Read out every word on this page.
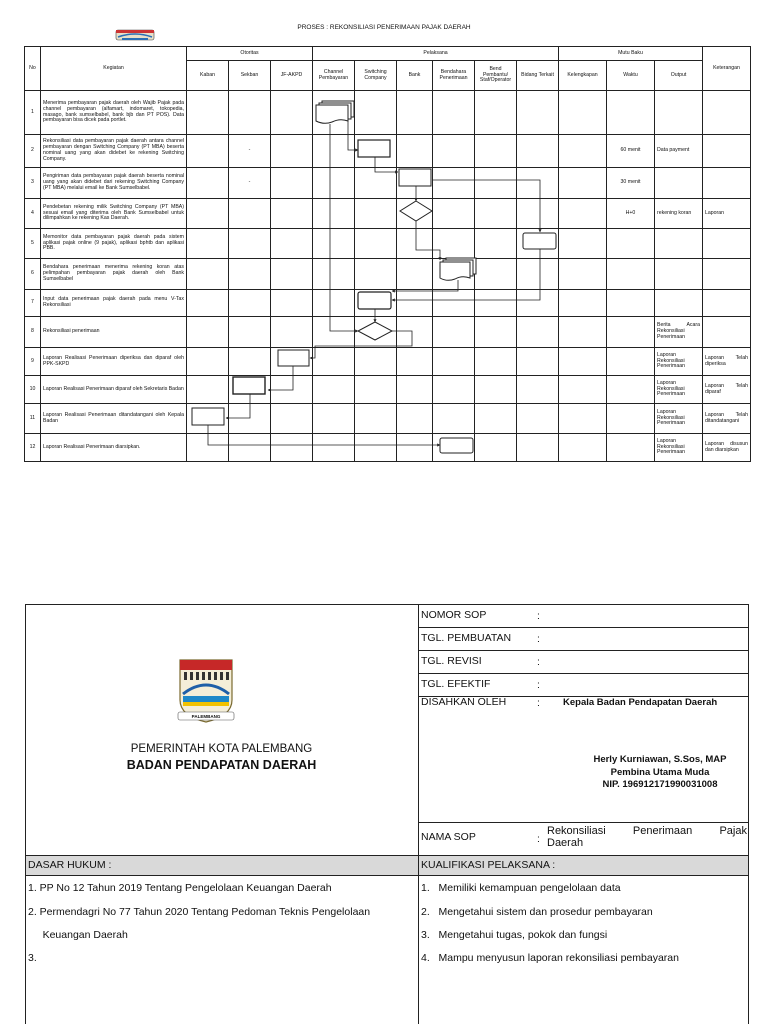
PROSES : REKONSILIASI PENERIMAAN PAJAK DAERAH
No	Kegiatan	Otoritas			Pelaksana						Mutu Baku			Keterangan
		Kaban	Sekban	JF-AKPD	Channel Pembayaran	Switching Company	Bank	Bendahara Penerimaan	Bend Pembantu/ Staf/Operator	Bidang Terkait	Kelengkapan	Waktu	Output	
1	Menerima pembayaran pajak daerah oleh Wajib Pajak pada channel pembayaran (alfamart, indomaret, tokopedia, masago, bank sumselbabel, bank bjb dan PT POS). Data pembayaran bisa dicek pada portlet.													
2	Rekonsiliasi data pembayaran pajak daerah antara channel pembayaran dengan Switching Company (PT MBA) beserta nominal uang yang akan didebet ke rekening Switching Company.		-									60 menit	Data payment	
3	Pengiriman data pembayaran pajak daerah beserta nominal uang yang akan didebet dari rekening Switching Company (PT MBA) melalui email ke Bank Sumselbabel.		-									30 menit		
4	Pendebetan rekening milik Switching Company (PT MBA) sesuai email yang diterima oleh Bank Sumselbabel untuk dilimpahkan ke rekening Kas Daerah.											H+0	rekening koran	Laporan
5	Memonitor data pembayaran pajak daerah pada sistem aplikasi pajak online (9 pajak), aplikasi bphtb dan aplikasi PBB.													
6	Bendahara penerimaan menerima rekening koran atas pelimpahan pembayaran pajak daerah oleh Bank Sumselbabel													
7	Input data penerimaan pajak daerah pada menu V-Tax Rekonsiliasi													
8	Rekonsiliasi penerimaan												Berita Acara Rekonsiliasi Penerimaan	
9	Laporan Realisasi Penerimaan diperiksa dan diparaf oleh PPK-SKPD												Laporan Rekonsiliasi Penerimaan	Laporan Telah diperiksa
10	Laporan Realisasi Penerimaan diparaf oleh Sekretaris Badan												Laporan Rekonsiliasi Penerimaan	Laporan Telah diparaf
11	Laporan Realisasi Penerimaan ditandatangani oleh Kepala Badan												Laporan Rekonsiliasi Penerimaan	Laporan Telah ditandatangani
12	Laporan Realisasi Penerimaan diarsipkan.												Laporan Rekonsiliasi Penerimaan	Laporan disusun dan diarsipkan
NOMOR SOP	:
TGL. PEMBUATAN :
TGL. REVISI	:
TGL. EFEKTIF	:
DISAHKAN OLEH	: Kepala Badan Pendapatan Daerah
Herly Kurniawan, S.Sos, MAP
Pembina Utama Muda
NIP. 196912171990031008
NAMA SOP	:
Rekonsiliasi Penerimaan Pajak Daerah
PALEMBANG
PEMERINTAH KOTA PALEMBANG
BADAN PENDAPATAN DAERAH
DASAR HUKUM :	KUALIFIKASI PELAKSANA :
1. PP No 12 Tahun 2019 Tentang Pengelolaan Keuangan Daerah
2. Permendagri No 77 Tahun 2020 Tentang Pedoman Teknis Pengelolaan
Keuangan Daerah
3.
1.   Memiliki kemampuan pengelolaan data
2.   Mengetahui sistem dan prosedur pembayaran
3.   Mengetahui tugas, pokok dan fungsi
4.   Mampu menyusun laporan rekonsiliasi pembayaran
